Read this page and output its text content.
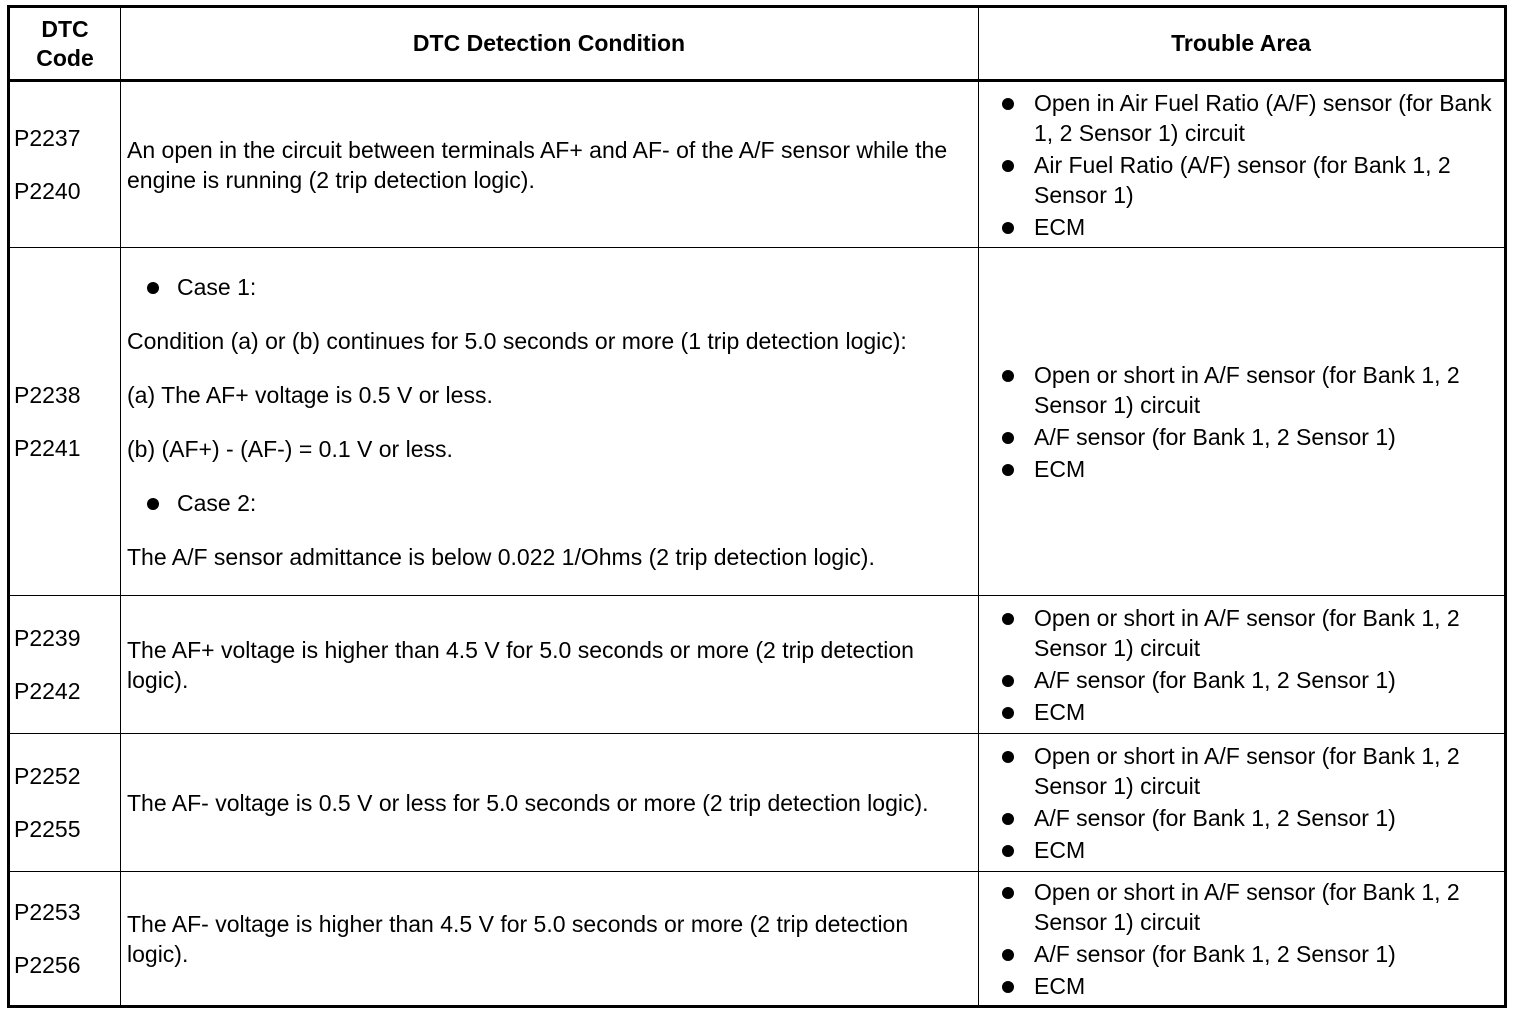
DTC
Code
DTC Detection Condition	Trouble Area
P2237
P2240

An open in the circuit between terminals AF+ and AF- of the A/F sensor while the engine is running (2 trip detection logic).

Open in Air Fuel Ratio (A/F) sensor (for Bank 1, 2 Sensor 1) circuit
Air Fuel Ratio (A/F) sensor (for Bank 1, 2 Sensor 1)
ECM
P2238
P2241

Case 1:

Condition (a) or (b) continues for 5.0 seconds or more (1 trip detection logic):

(a) The AF+ voltage is 0.5 V or less.

(b) (AF+) - (AF-) = 0.1 V or less.

Case 2:

The A/F sensor admittance is below 0.022 1/Ohms (2 trip detection logic).

Open or short in A/F sensor (for Bank 1, 2 Sensor 1) circuit
A/F sensor (for Bank 1, 2 Sensor 1)
ECM
P2239
P2242

The AF+ voltage is higher than 4.5 V for 5.0 seconds or more (2 trip detection logic).

Open or short in A/F sensor (for Bank 1, 2 Sensor 1) circuit
A/F sensor (for Bank 1, 2 Sensor 1)
ECM
P2252
P2255

The AF- voltage is 0.5 V or less for 5.0 seconds or more (2 trip detection logic).

Open or short in A/F sensor (for Bank 1, 2 Sensor 1) circuit
A/F sensor (for Bank 1, 2 Sensor 1)
ECM
P2253
P2256

The AF- voltage is higher than 4.5 V for 5.0 seconds or more (2 trip detection logic).

Open or short in A/F sensor (for Bank 1, 2 Sensor 1) circuit
A/F sensor (for Bank 1, 2 Sensor 1)
ECM
